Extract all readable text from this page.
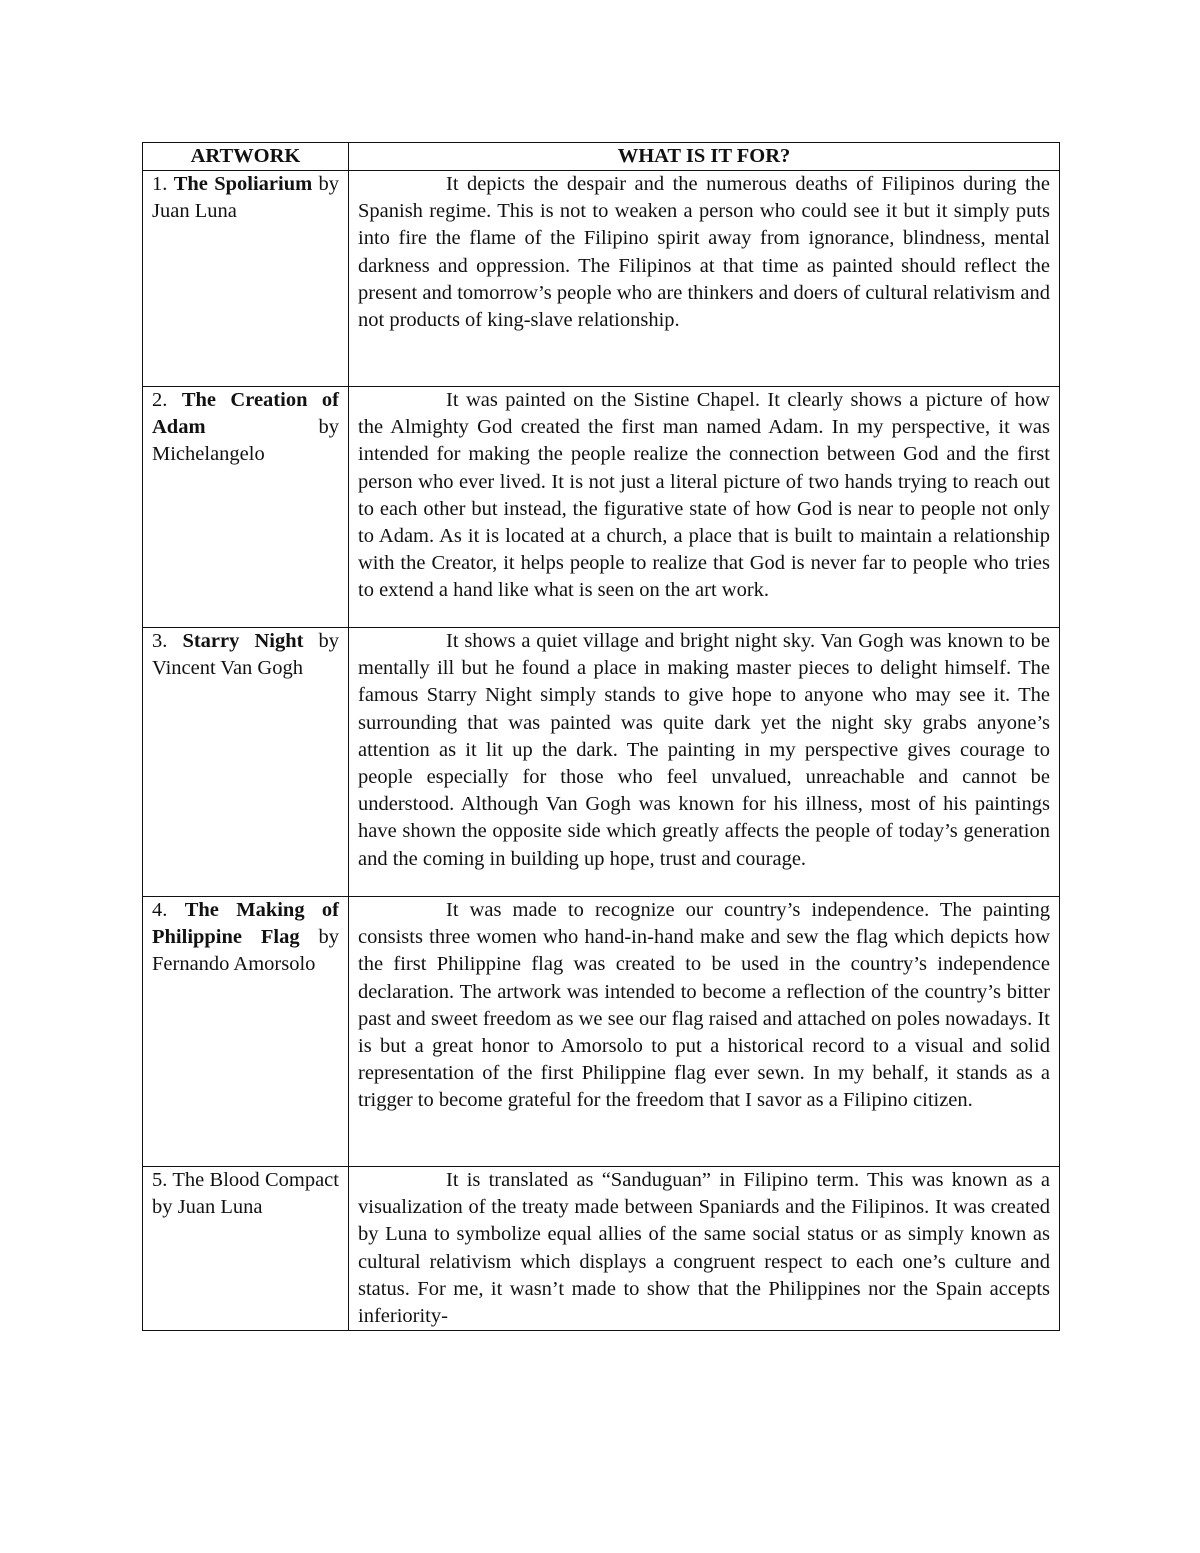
ARTWORK	WHAT IS IT FOR?
1. The Spoliarium by Juan Luna	It depicts the despair and the numerous deaths of Filipinos during the Spanish regime. This is not to weaken a person who could see it but it simply puts into fire the flame of the Filipino spirit away from ignorance, blindness, mental darkness and oppression. The Filipinos at that time as painted should reflect the present and tomorrow’s people who are thinkers and doers of cultural relativism and not products of king-slave relationship.

2. The Creation of Adam by Michelangelo	It was painted on the Sistine Chapel. It clearly shows a picture of how the Almighty God created the first man named Adam. In my perspective, it was intended for making the people realize the connection between God and the first person who ever lived. It is not just a literal picture of two hands trying to reach out to each other but instead, the figurative state of how God is near to people not only to Adam. As it is located at a church, a place that is built to maintain a relationship with the Creator, it helps people to realize that God is never far to people who tries to extend a hand like what is seen on the art work.

3. Starry Night by Vincent Van Gogh	It shows a quiet village and bright night sky. Van Gogh was known to be mentally ill but he found a place in making master pieces to delight himself. The famous Starry Night simply stands to give hope to anyone who may see it. The surrounding that was painted was quite dark yet the night sky grabs anyone’s attention as it lit up the dark. The painting in my perspective gives courage to people especially for those who feel unvalued, unreachable and cannot be understood. Although Van Gogh was known for his illness, most of his paintings have shown the opposite side which greatly affects the people of today’s generation and the coming in building up hope, trust and courage.

4. The Making of Philippine Flag by Fernando Amorsolo	It was made to recognize our country’s independence. The painting consists three women who hand-in-hand make and sew the flag which depicts how the first Philippine flag was created to be used in the country’s independence declaration. The artwork was intended to become a reflection of the country’s bitter past and sweet freedom as we see our flag raised and attached on poles nowadays. It is but a great honor to Amorsolo to put a historical record to a visual and solid representation of the first Philippine flag ever sewn. In my behalf, it stands as a trigger to become grateful for the freedom that I savor as a Filipino citizen.

5. The Blood Compact by Juan Luna	It is translated as “Sanduguan” in Filipino term. This was known as a visualization of the treaty made between Spaniards and the Filipinos. It was created by Luna to symbolize equal allies of the same social status or as simply known as cultural relativism which displays a congruent respect to each one’s culture and status. For me, it wasn’t made to show that the Philippines nor the Spain accepts inferiority-
